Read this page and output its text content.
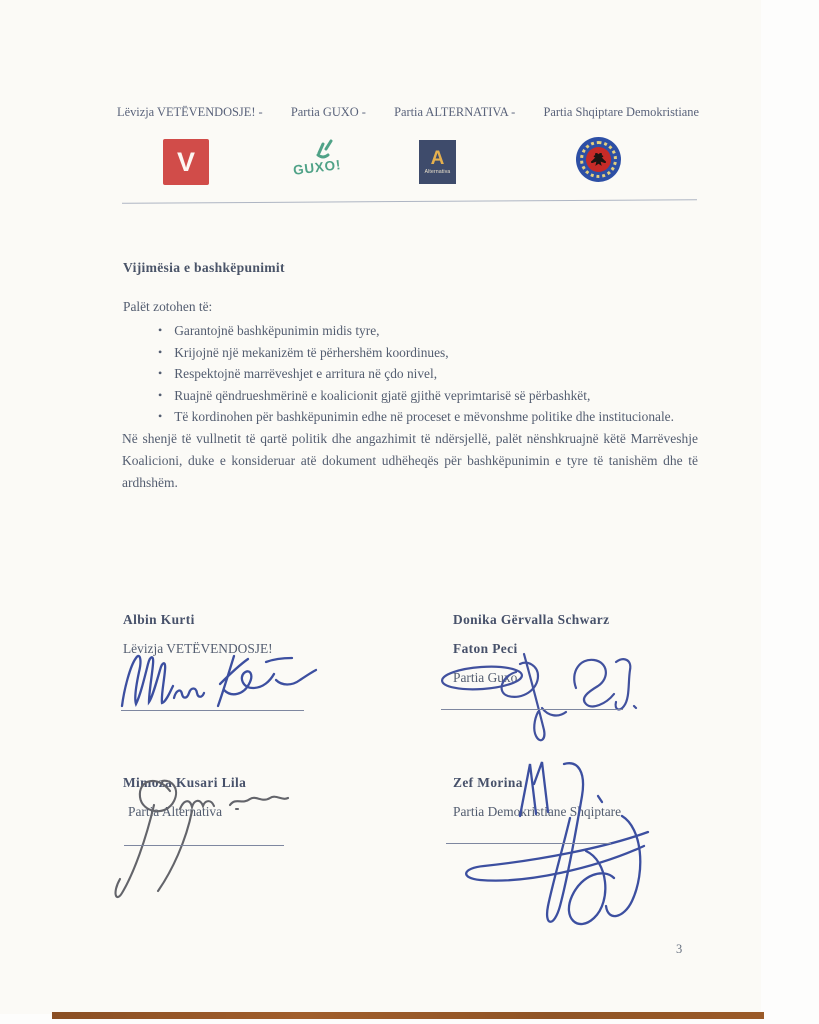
Lëvizja VETËVENDOSJE! - Partia GUXO - Partia ALTERNATIVA - Partia Shqiptare Demokristiane
V	GUXO!	A
Alternativa
Vijimësia e bashkëpunimit
Palët zotohen të:
• Garantojnë bashkëpunimin midis tyre,
• Krijojnë një mekanizëm të përhershëm koordinues,
• Respektojnë marrëveshjet e arritura në çdo nivel,
• Ruajnë qëndrueshmërinë e koalicionit gjatë gjithë veprimtarisë së përbashkët,
• Të kordinohen për bashkëpunimin edhe në proceset e mëvonshme politike dhe institucionale.
Në shenjë të vullnetit të qartë politik dhe angazhimit të ndërsjellë, palët nënshkruajnë këtë Marrëveshje Koalicioni, duke e konsideruar atë dokument udhëheqës për bashkëpunimin e tyre të tanishëm dhe të ardhshëm.
Albin Kurti
Lëvizja VETËVENDOSJE!
Donika Gërvalla Schwarz
Faton Peci
Partia Guxo
Mimoza Kusari Lila
Partia Alternativa
Zef Morina
Partia Demokristiane Shqiptare
3
